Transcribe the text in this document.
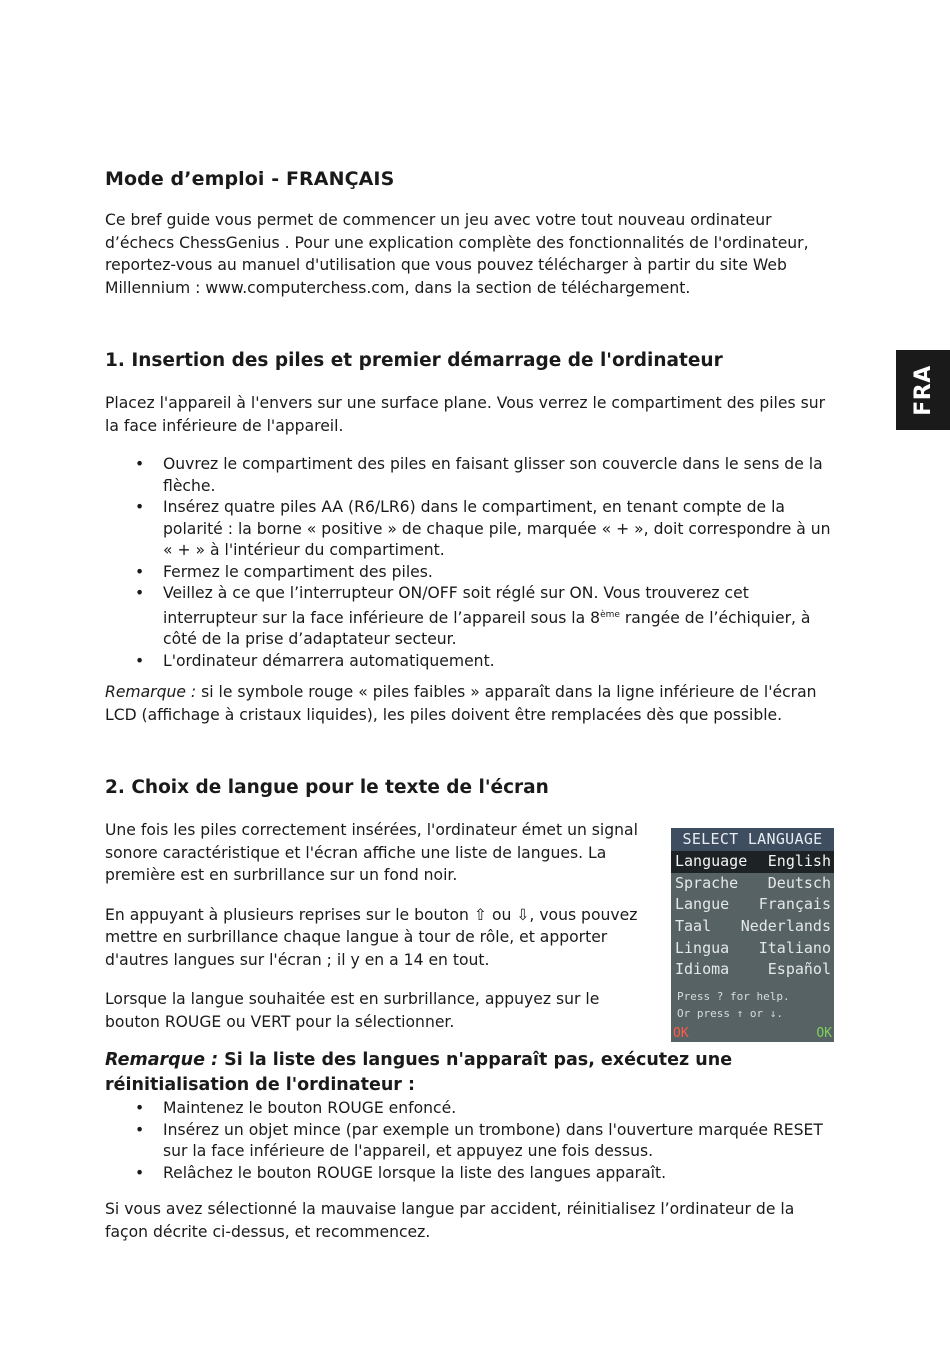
Mode d’emploi - FRANÇAIS

Ce bref guide vous permet de commencer un jeu avec votre tout nouveau ordinateur d’échecs ChessGenius . Pour une explication complète des fonctionnalités de l'ordinateur, reportez-vous au manuel d'utilisation que vous pouvez télécharger à partir du site Web Millennium : www.computerchess.com, dans la section de téléchargement.

1. Insertion des piles et premier démarrage de l'ordinateur

Placez l'appareil à l'envers sur une surface plane. Vous verrez le compartiment des piles sur la face inférieure de l'appareil.

• Ouvrez le compartiment des piles en faisant glisser son couvercle dans le sens de la flèche.
• Insérez quatre piles AA (R6/LR6) dans le compartiment, en tenant compte de la polarité : la borne « positive » de chaque pile, marquée « + », doit correspondre à un « + » à l'intérieur du compartiment.
• Fermez le compartiment des piles.
• Veillez à ce que l’interrupteur ON/OFF soit réglé sur ON. Vous trouverez cet interrupteur sur la face inférieure de l’appareil sous la 8ème rangée de l’échiquier, à côté de la prise d’adaptateur secteur.
• L'ordinateur démarrera automatiquement.

Remarque : si le symbole rouge « piles faibles » apparaît dans la ligne inférieure de l'écran LCD (affichage à cristaux liquides), les piles doivent être remplacées dès que possible.

2. Choix de langue pour le texte de l'écran

Une fois les piles correctement insérées, l'ordinateur émet un signal sonore caractéristique et l'écran affiche une liste de langues. La première est en surbrillance sur un fond noir.

En appuyant à plusieurs reprises sur le bouton ⇧ ou ⇩, vous pouvez mettre en surbrillance chaque langue à tour de rôle, et apporter d'autres langues sur l'écran ; il y en a 14 en tout.

Lorsque la langue souhaitée est en surbrillance, appuyez sur le bouton ROUGE ou VERT pour la sélectionner.

Remarque : Si la liste des langues n'apparaît pas, exécutez une réinitialisation de l'ordinateur :

• Maintenez le bouton ROUGE enfoncé.
• Insérez un objet mince (par exemple un trombone) dans l'ouverture marquée RESET sur la face inférieure de l'appareil, et appuyez une fois dessus.
• Relâchez le bouton ROUGE lorsque la liste des langues apparaît.

Si vous avez sélectionné la mauvaise langue par accident, réinitialisez l’ordinateur de la façon décrite ci-dessus, et recommencez.

FRA
SELECT LANGUAGE
Language English
Sprache Deutsch
Langue Français
Taal Nederlands
Lingua Italiano
Idioma	Español
Press ? for help.
Or press ↑ or ↓.
OK	OK
